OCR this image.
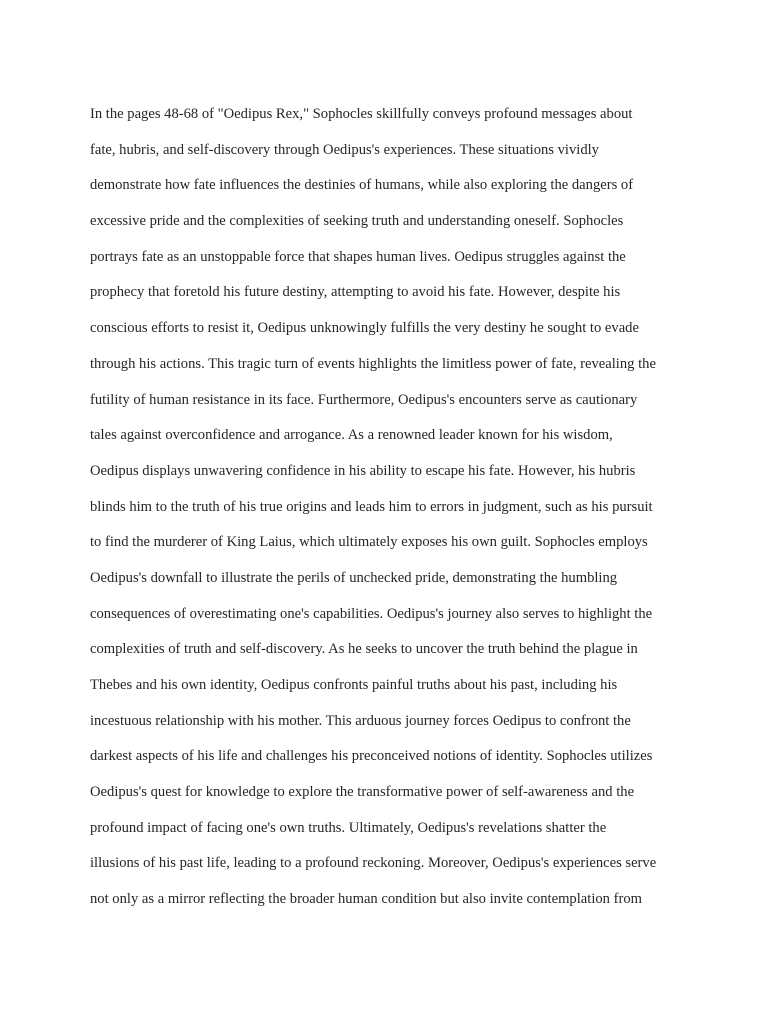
In the pages 48-68 of "Oedipus Rex," Sophocles skillfully conveys profound messages about
fate, hubris, and self-discovery through Oedipus's experiences. These situations vividly
demonstrate how fate influences the destinies of humans, while also exploring the dangers of
excessive pride and the complexities of seeking truth and understanding oneself. Sophocles
portrays fate as an unstoppable force that shapes human lives. Oedipus struggles against the
prophecy that foretold his future destiny, attempting to avoid his fate. However, despite his
conscious efforts to resist it, Oedipus unknowingly fulfills the very destiny he sought to evade
through his actions. This tragic turn of events highlights the limitless power of fate, revealing the
futility of human resistance in its face. Furthermore, Oedipus's encounters serve as cautionary
tales against overconfidence and arrogance. As a renowned leader known for his wisdom,
Oedipus displays unwavering confidence in his ability to escape his fate. However, his hubris
blinds him to the truth of his true origins and leads him to errors in judgment, such as his pursuit
to find the murderer of King Laius, which ultimately exposes his own guilt. Sophocles employs
Oedipus's downfall to illustrate the perils of unchecked pride, demonstrating the humbling
consequences of overestimating one's capabilities. Oedipus's journey also serves to highlight the
complexities of truth and self-discovery. As he seeks to uncover the truth behind the plague in
Thebes and his own identity, Oedipus confronts painful truths about his past, including his
incestuous relationship with his mother. This arduous journey forces Oedipus to confront the
darkest aspects of his life and challenges his preconceived notions of identity. Sophocles utilizes
Oedipus's quest for knowledge to explore the transformative power of self-awareness and the
profound impact of facing one's own truths. Ultimately, Oedipus's revelations shatter the
illusions of his past life, leading to a profound reckoning. Moreover, Oedipus's experiences serve
not only as a mirror reflecting the broader human condition but also invite contemplation from
